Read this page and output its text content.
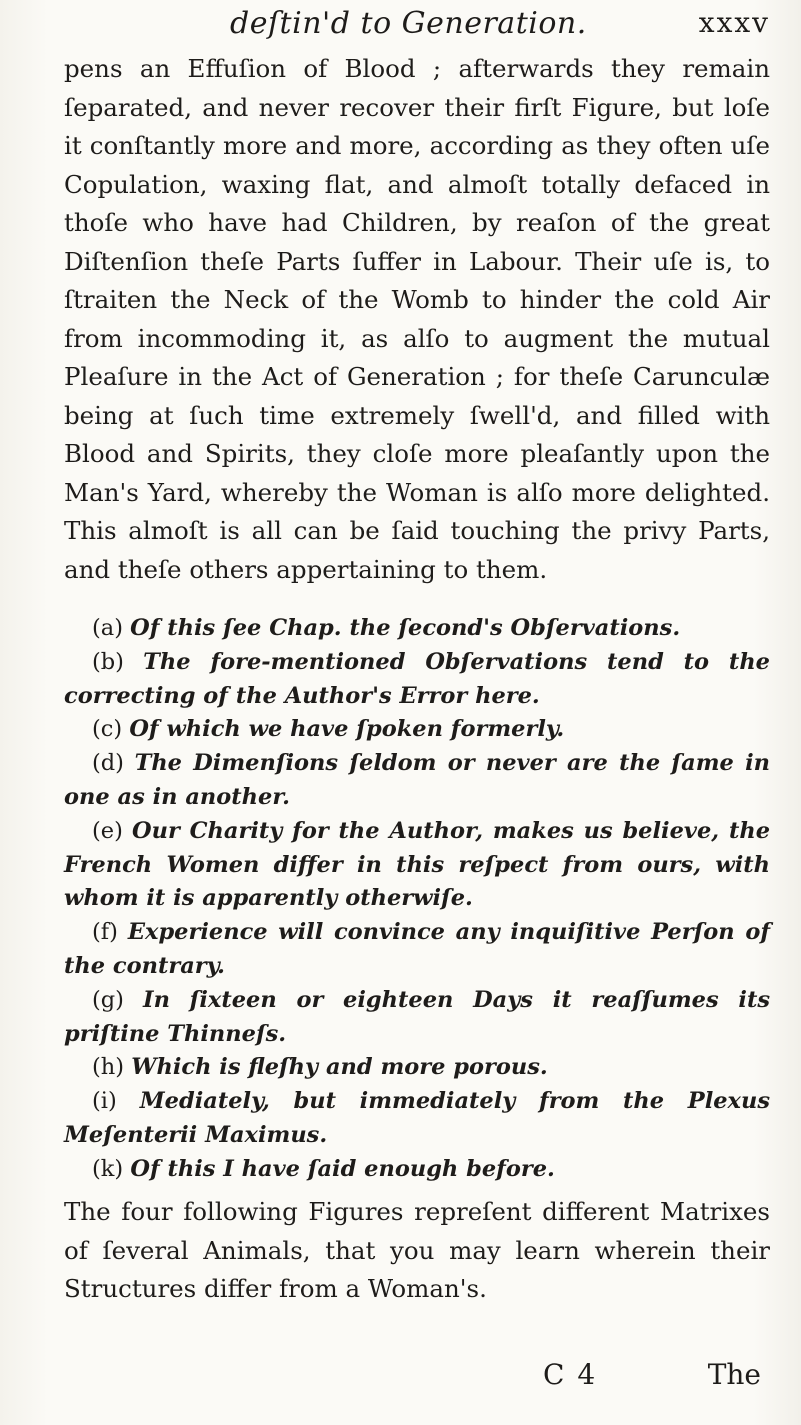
deſtin'd to Generation.	xxxv

pens an Effuſion of Blood ; afterwards they remain ſeparated, and never recover their firſt Figure, but loſe it conſtantly more and more, according as they often uſe Copulation, waxing flat, and almoſt totally defaced in thoſe who have had Children, by reaſon of the great Diſtenſion theſe Parts ſuffer in Labour. Their uſe is, to ſtraiten the Neck of the Womb to hinder the cold Air from incommoding it, as alſo to augment the mutual Pleaſure in the Act of Generation ; for theſe Carunculæ being at ſuch time extremely ſwell'd, and filled with Blood and Spirits, they cloſe more pleaſantly upon the Man's Yard, whereby the Woman is alſo more delighted. This almoſt is all can be ſaid touching the privy Parts, and theſe others appertaining to them.

(a) Of this ſee Chap. the ſecond's Obſervations.

(b) The fore-mentioned Obſervations tend to the correcting of the Author's Error here.

(c) Of which we have ſpoken formerly.

(d) The Dimenſions ſeldom or never are the ſame in one as in another.

(e) Our Charity for the Author, makes us believe, the French Women differ in this reſpect from ours, with whom it is apparently otherwiſe.

(f) Experience will convince any inquiſitive Perſon of the contrary.

(g) In ſixteen or eighteen Days it reaſſumes its priſtine Thinneſs.

(h) Which is fleſhy and more porous.

(i) Mediately, but immediately from the Plexus Meſenterii Maximus.

(k) Of this I have ſaid enough before.

The four following Figures repreſent different Matrixes of ſeveral Animals, that you may learn wherein their Structures differ from a Woman's.

C 4	The
